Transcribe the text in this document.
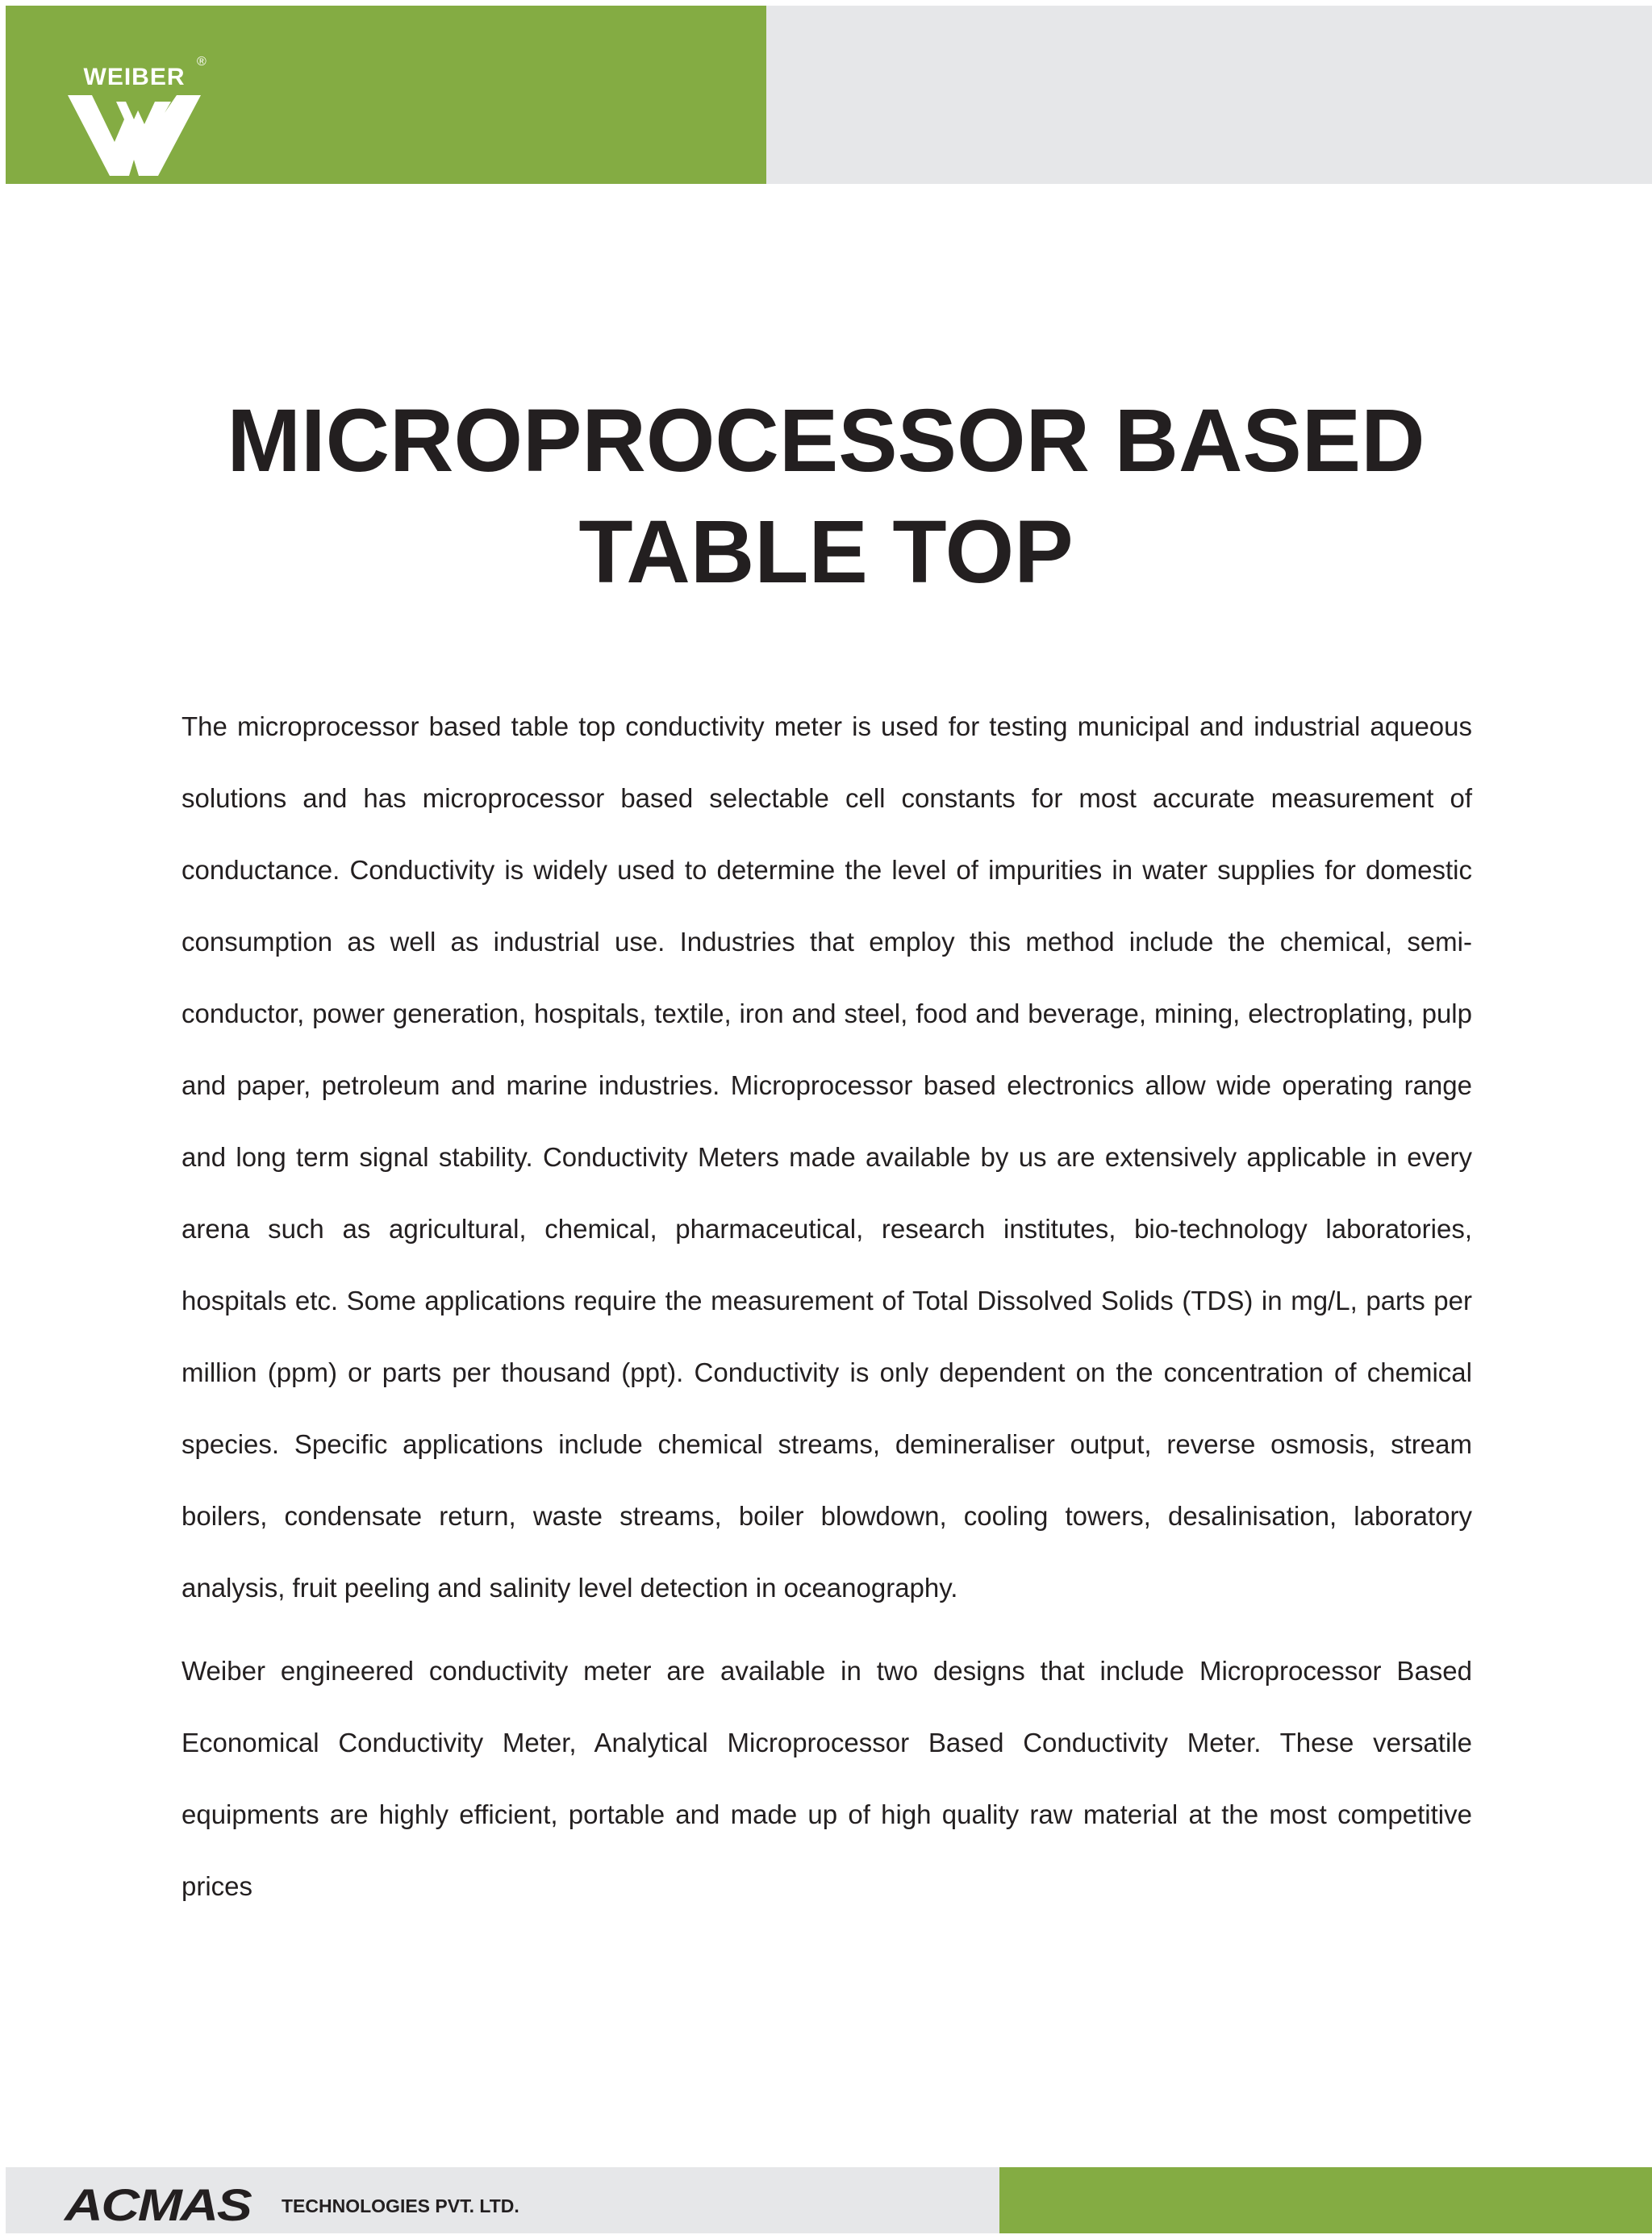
WEIBER
®
MICROPROCESSOR BASED
TABLE TOP

The microprocessor based table top conductivity meter is used for testing municipal and industrial aqueous solutions and has microprocessor based selectable cell constants for most accurate measurement of conductance. Conductivity is widely used to determine the level of impurities in water supplies for domestic consumption as well as industrial use. Industries that employ this method include the chemical, semi-conductor, power generation, hospitals, textile, iron and steel, food and beverage, mining, electroplating, pulp and paper, petroleum and marine industries. Microprocessor based electronics allow wide operating range and long term signal stability. Conductivity Meters made available by us are extensively applicable in every arena such as agricultural, chemical, pharmaceutical, research institutes, bio-technology laboratories, hospitals etc. Some applications require the measurement of Total Dissolved Solids (TDS) in mg/L, parts per million (ppm) or parts per thousand (ppt). Conductivity is only dependent on the concentration of chemical species. Specific applications include chemical streams, demineraliser output, reverse osmosis, stream boilers, condensate return, waste streams, boiler blowdown, cooling towers, desalinisation, laboratory analysis, fruit peeling and salinity level detection in oceanography.

Weiber engineered conductivity meter are available in two designs that include Microprocessor Based Economical Conductivity Meter, Analytical Microprocessor Based Conductivity Meter. These versatile equipments are highly efficient, portable and made up of high quality raw material at the most competitive prices

ACMAS TECHNOLOGIES PVT. LTD.
